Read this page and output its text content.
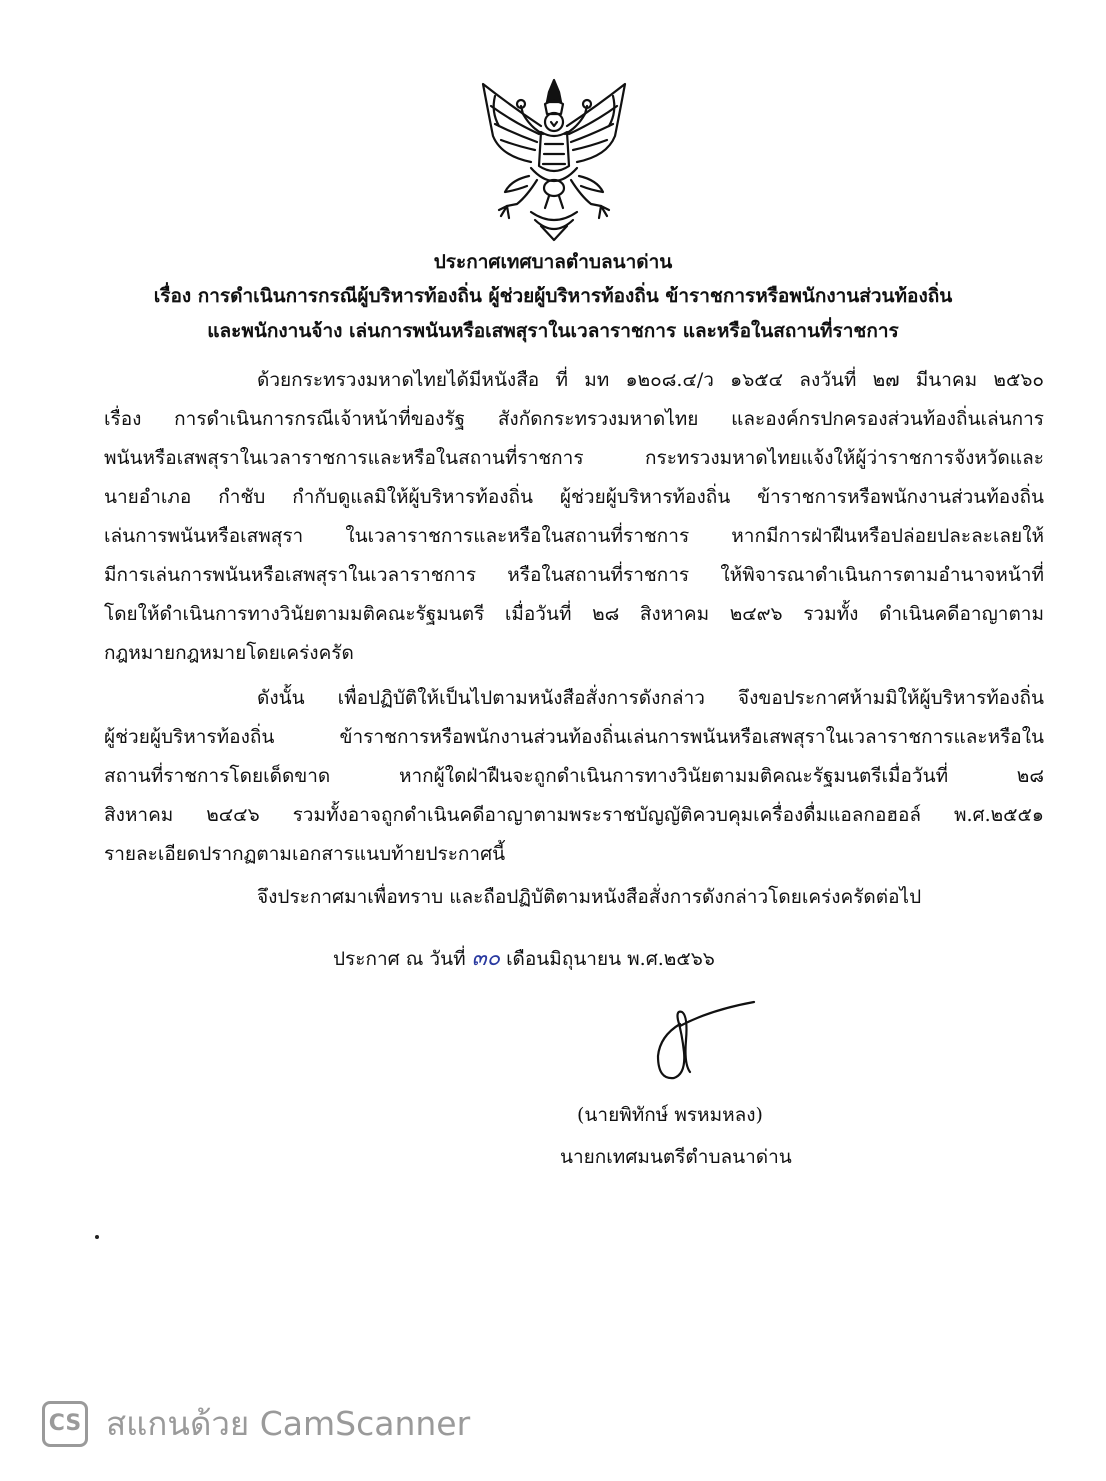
ประกาศเทศบาลตำบลนาด่าน
เรื่อง การดำเนินการกรณีผู้บริหารท้องถิ่น ผู้ช่วยผู้บริหารท้องถิ่น ข้าราชการหรือพนักงานส่วนท้องถิ่น
และพนักงานจ้าง เล่นการพนันหรือเสพสุราในเวลาราชการ และหรือในสถานที่ราชการ
ด้วยกระทรวงมหาดไทยได้มีหนังสือ ที่ มท ๑๒๐๘.๔/ว ๑๖๕๔ ลงวันที่ ๒๗ มีนาคม ๒๕๖๐
เรื่อง การดำเนินการกรณีเจ้าหน้าที่ของรัฐ สังกัดกระทรวงมหาดไทย และองค์กรปกครองส่วนท้องถิ่นเล่นการ
พนันหรือเสพสุราในเวลาราชการและหรือในสถานที่ราชการ กระทรวงมหาดไทยแจ้งให้ผู้ว่าราชการจังหวัดและ
นายอำเภอ กำชับ กำกับดูแลมิให้ผู้บริหารท้องถิ่น ผู้ช่วยผู้บริหารท้องถิ่น ข้าราชการหรือพนักงานส่วนท้องถิ่น
เล่นการพนันหรือเสพสุรา ในเวลาราชการและหรือในสถานที่ราชการ หากมีการฝ่าฝืนหรือปล่อยปละละเลยให้
มีการเล่นการพนันหรือเสพสุราในเวลาราชการ หรือในสถานที่ราชการ ให้พิจารณาดำเนินการตามอำนาจหน้าที่
โดยให้ดำเนินการทางวินัยตามมติคณะรัฐมนตรี เมื่อวันที่ ๒๘ สิงหาคม ๒๔๙๖ รวมทั้ง ดำเนินคดีอาญาตาม
กฎหมายกฎหมายโดยเคร่งครัด
ดังนั้น เพื่อปฏิบัติให้เป็นไปตามหนังสือสั่งการดังกล่าว จึงขอประกาศห้ามมิให้ผู้บริหารท้องถิ่น
ผู้ช่วยผู้บริหารท้องถิ่น ข้าราชการหรือพนักงานส่วนท้องถิ่นเล่นการพนันหรือเสพสุราในเวลาราชการและหรือใน
สถานที่ราชการโดยเด็ดขาด หากผู้ใดฝ่าฝืนจะถูกดำเนินการทางวินัยตามมติคณะรัฐมนตรีเมื่อวันที่ ๒๘
สิงหาคม ๒๔๔๖ รวมทั้งอาจถูกดำเนินคดีอาญาตามพระราชบัญญัติควบคุมเครื่องดื่มแอลกอฮอล์ พ.ศ.๒๕๕๑
รายละเอียดปรากฏตามเอกสารแนบท้ายประกาศนี้
จึงประกาศมาเพื่อทราบ และถือปฏิบัติตามหนังสือสั่งการดังกล่าวโดยเคร่งครัดต่อไป
ประกาศ ณ วันที่ ๓๐ เดือนมิถุนายน พ.ศ.๒๕๖๖
(นายพิทักษ์ พรหมหลง)
นายกเทศมนตรีตำบลนาด่าน
CS สแกนด้วย CamScanner
